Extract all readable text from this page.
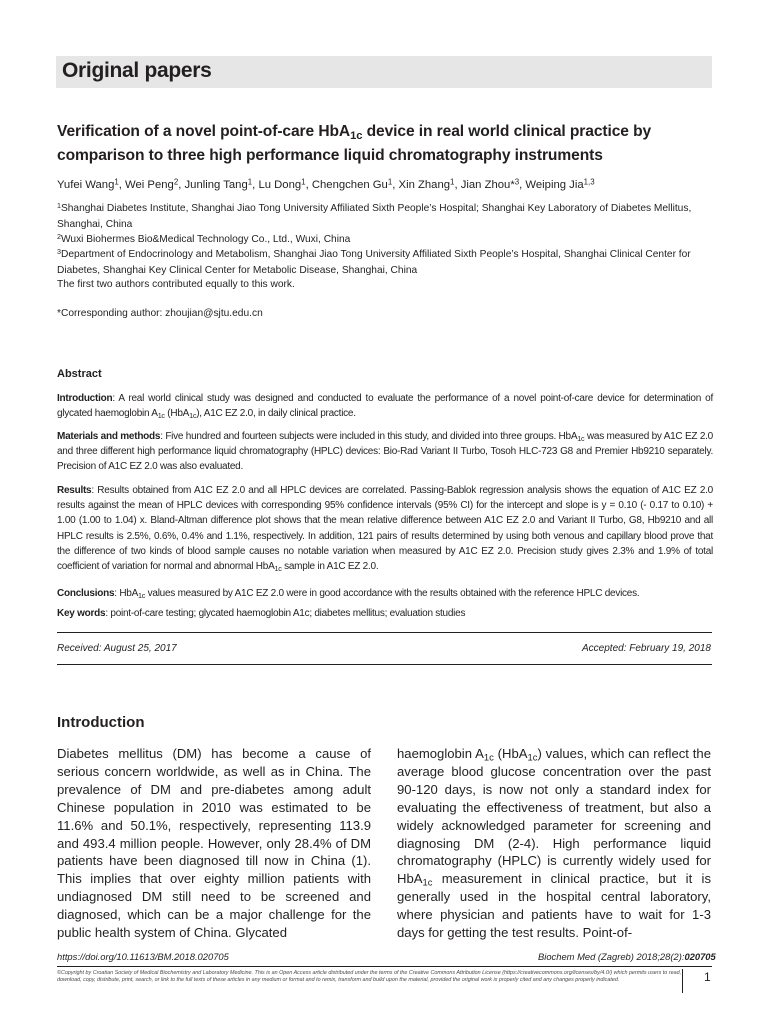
Original papers
Verification of a novel point-of-care HbA$_{1c}$ device in real world clinical practice by comparison to three high performance liquid chromatography instruments
Yufei Wang$^1$, Wei Peng$^2$, Junling Tang$^1$, Lu Dong$^1$, Chengchen Gu$^1$, Xin Zhang$^1$, Jian Zhou*$^3$, Weiping Jia$^{1,3}$
$^1$Shanghai Diabetes Institute, Shanghai Jiao Tong University Affiliated Sixth People’s Hospital; Shanghai Key Laboratory of Diabetes Mellitus, Shanghai, China
$^2$Wuxi Biohermes Bio&Medical Technology Co., Ltd., Wuxi, China
$^3$Department of Endocrinology and Metabolism, Shanghai Jiao Tong University Affiliated Sixth People’s Hospital, Shanghai Clinical Center for Diabetes, Shanghai Key Clinical Center for Metabolic Disease, Shanghai, China
The first two authors contributed equally to this work.
*Corresponding author: zhoujian@sjtu.edu.cn
Abstract
Introduction: A real world clinical study was designed and conducted to evaluate the performance of a novel point-of-care device for determination of glycated haemoglobin $A_{1c}$ (HbA$_{1c}$), A1C EZ 2.0, in daily clinical practice.
Materials and methods: Five hundred and fourteen subjects were included in this study, and divided into three groups. HbA$_{1c}$ was measured by A1C EZ 2.0 and three different high performance liquid chromatography (HPLC) devices: Bio-Rad Variant II Turbo, Tosoh HLC-723 G8 and Premier Hb9210 separately. Precision of A1C EZ 2.0 was also evaluated.
Results: Results obtained from A1C EZ 2.0 and all HPLC devices are correlated. Passing-Bablok regression analysis shows the equation of A1C EZ 2.0 results against the mean of HPLC devices with corresponding 95% confidence intervals (95% CI) for the intercept and slope is y = 0.10 (- 0.17 to 0.10) + 1.00 (1.00 to 1.04) x. Bland-Altman difference plot shows that the mean relative difference between A1C EZ 2.0 and Variant II Turbo, G8, Hb9210 and all HPLC results is 2.5%, 0.6%, 0.4% and 1.1%, respectively. In addition, 121 pairs of results determined by using both venous and capillary blood prove that the difference of two kinds of blood sample causes no notable variation when measured by A1C EZ 2.0. Precision study gives 2.3% and 1.9% of total coefficient of variation for normal and abnormal HbA$_{1c}$ sample in A1C EZ 2.0.
Conclusions: HbA$_{1c}$ values measured by A1C EZ 2.0 were in good accordance with the results obtained with the reference HPLC devices.
Key words: point-of-care testing; glycated haemoglobin A1c; diabetes mellitus; evaluation studies
Received: August 25, 2017	Accepted: February 19, 2018
Introduction
Diabetes mellitus (DM) has become a cause of serious concern worldwide, as well as in China. The prevalence of DM and pre-diabetes among adult Chinese population in 2010 was estimated to be 11.6% and 50.1%, respectively, representing 113.9 and 493.4 million people. However, only 28.4% of DM patients have been diagnosed till now in China (1). This implies that over eighty million patients with undiagnosed DM still need to be screened and diagnosed, which can be a major challenge for the public health system of China. Glycated
haemoglobin $A_{1c}$ (HbA$_{1c}$) values, which can reflect the average blood glucose concentration over the past 90-120 days, is now not only a standard index for evaluating the effectiveness of treatment, but also a widely acknowledged parameter for screening and diagnosing DM (2-4). High performance liquid chromatography (HPLC) is currently widely used for HbA$_{1c}$ measurement in clinical practice, but it is generally used in the hospital central laboratory, where physician and patients have to wait for 1-3 days for getting the test results. Point-of-
https://doi.org/10.11613/BM.2018.020705	Biochem Med (Zagreb) 2018;28(2):020705
©Copyright by Croatian Society of Medical Biochemistry and Laboratory Medicine. This is an Open Access article distributed under the terms of the Creative Commons Attribution License (https://creativecommons.org/licenses/by/4.0/) which permits users to read, download, copy, distribute, print, search, or link to the full texts of these articles in any medium or format and to remix, transform and build upon the material, provided the original work is properly cited and any changes properly indicated.	1
